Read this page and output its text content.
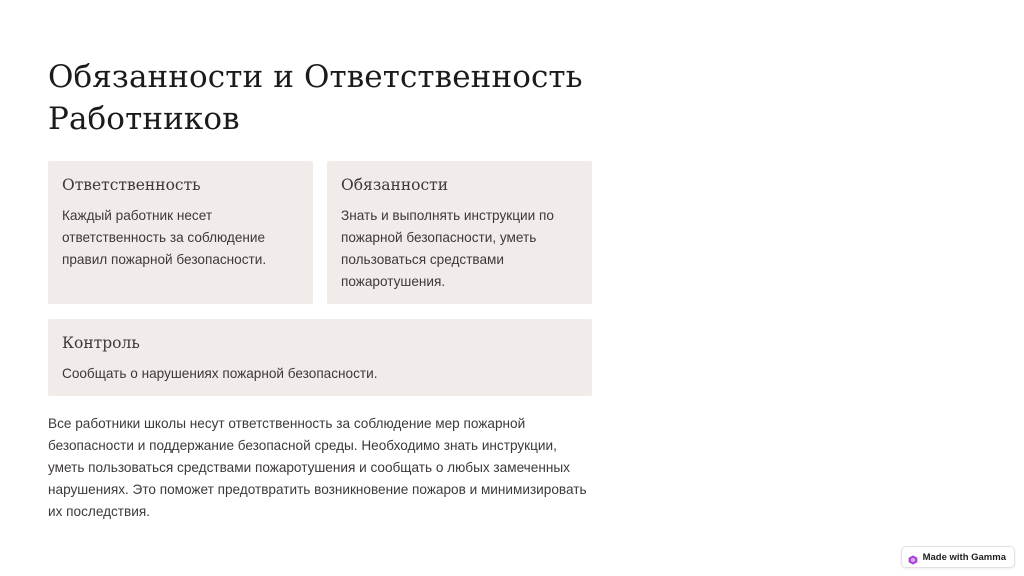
Обязанности и Ответственность
Работников
Ответственность

Каждый работник несет ответственность за соблюдение правил пожарной безопасности.

Обязанности

Знать и выполнять инструкции по пожарной безопасности, уметь пользоваться средствами пожаротушения.

Контроль

Сообщать о нарушениях пожарной безопасности.

Все работники школы несут ответственность за соблюдение мер пожарной безопасности и поддержание безопасной среды. Необходимо знать инструкции, уметь пользоваться средствами пожаротушения и сообщать о любых замеченных нарушениях. Это поможет предотвратить возникновение пожаров и минимизировать их последствия.

Made with Gamma
